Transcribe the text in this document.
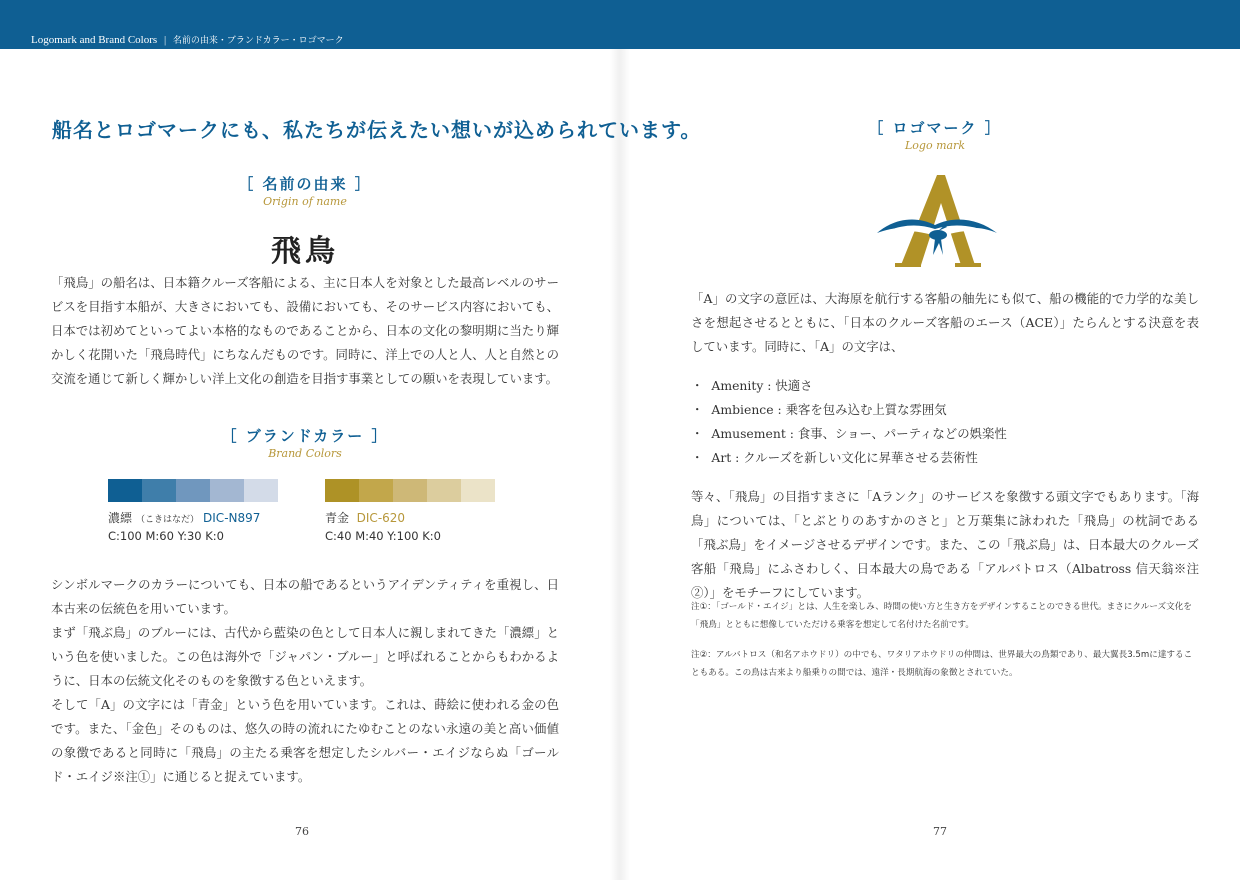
Logomark and Brand Colors | 名前の由来・ブランドカラー・ロゴマーク
船名とロゴマークにも、私たちが伝えたい想いが込められています。
［ 名前の由来 ］
Origin of name
飛鳥
「飛鳥」の船名は、日本籍クルーズ客船による、主に日本人を対象とした最高レベルのサービスを目指す本船が、大きさにおいても、設備においても、そのサービス内容においても、日本では初めてといってよい本格的なものであることから、日本の文化の黎明期に当たり輝かしく花開いた「飛鳥時代」にちなんだものです。同時に、洋上での人と人、人と自然との交流を通じて新しく輝かしい洋上文化の創造を目指す事業としての願いを表現しています。
［ ブランドカラー ］
Brand Colors
濃縹 （こきはなだ） DIC-N897
C:100 M:60 Y:30 K:0
青金 DIC-620
C:40 M:40 Y:100 K:0
シンボルマークのカラーについても、日本の船であるというアイデンティティを重視し、日本古来の伝統色を用いています。
まず「飛ぶ鳥」のブルーには、古代から藍染の色として日本人に親しまれてきた「濃縹」という色を使いました。この色は海外で「ジャパン・ブルー」と呼ばれることからもわかるように、日本の伝統文化そのものを象徴する色といえます。
そして「A」の文字には「青金」という色を用いています。これは、蒔絵に使われる金の色です。また、「金色」そのものは、悠久の時の流れにたゆむことのない永遠の美と高い価値の象徴であると同時に「飛鳥」の主たる乗客を想定したシルバー・エイジならぬ「ゴールド・エイジ※注①」に通じると捉えています。
76
［ ロゴマーク ］
Logo mark
「A」の文字の意匠は、大海原を航行する客船の舳先にも似て、船の機能的で力学的な美しさを想起させるとともに、「日本のクルーズ客船のエース（ACE）」たらんとする決意を表しています。同時に、「A」の文字は、
・ Amenity : 快適さ
・ Ambience : 乗客を包み込む上質な雰囲気
・ Amusement : 食事、ショー、パーティなどの娯楽性
・ Art : クルーズを新しい文化に昇華させる芸術性
等々、「飛鳥」の目指すまさに「Aランク」のサービスを象徴する頭文字でもあります。「海鳥」については、「とぶとりのあすかのさと」と万葉集に詠われた「飛鳥」の枕詞である「飛ぶ鳥」をイメージさせるデザインです。また、この「飛ぶ鳥」は、日本最大のクルーズ客船「飛鳥」にふさわしく、日本最大の鳥である「アルバトロス（Albatross 信天翁※注②）」をモチーフにしています。
注①：「ゴールド・エイジ」とは、人生を楽しみ、時間の使い方と生き方をデザインすることのできる世代。まさにクルーズ文化を「飛鳥」とともに想像していただける乗客を想定して名付けた名前です。
注②：アルバトロス（和名アホウドリ）の中でも、ワタリアホウドリの仲間は、世界最大の鳥類であり、最大翼長3.5mに達することもある。この鳥は古来より船乗りの間では、遠洋・長期航海の象徴とされていた。
77
